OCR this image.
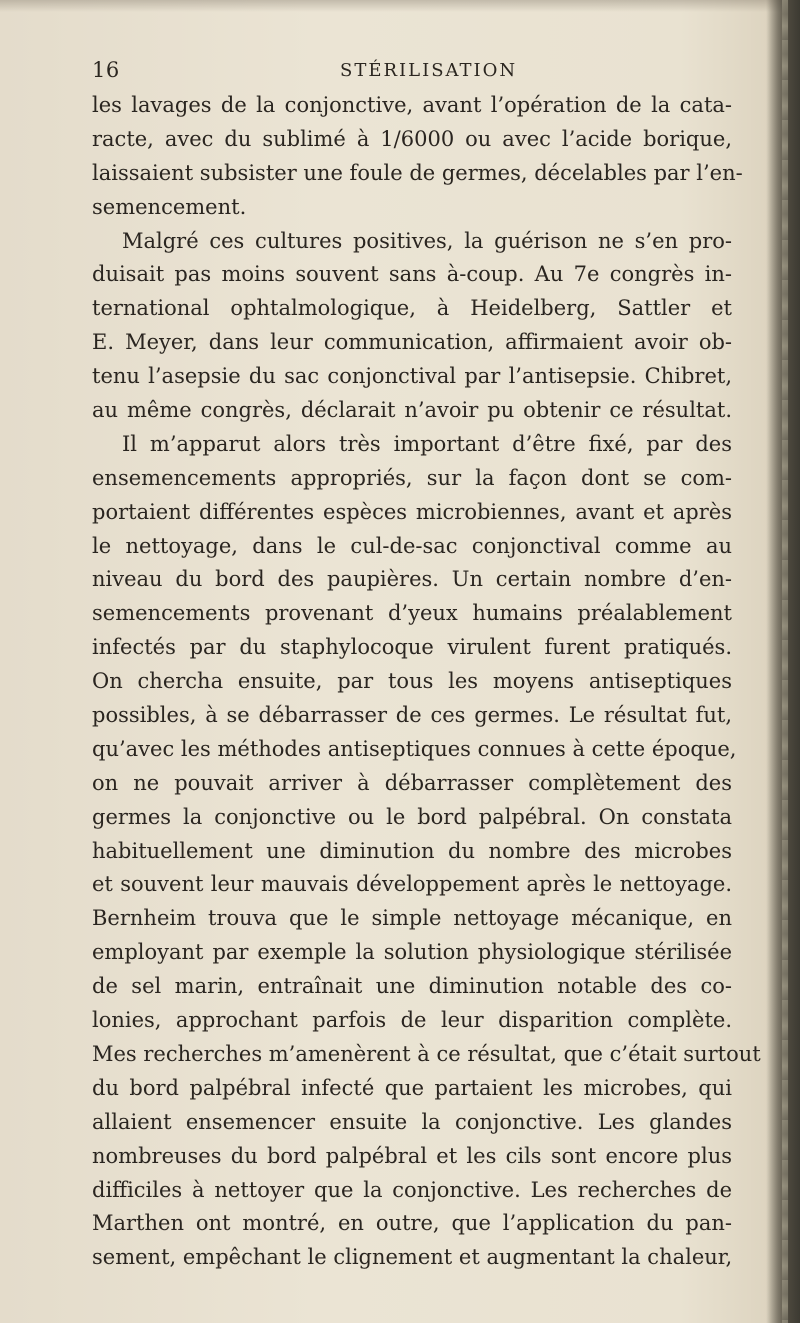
16	STÉRILISATION
les lavages de la conjonctive, avant l’opération de la cata-
racte, avec du sublimé à 1/6000 ou avec l’acide borique,
laissaient subsister une foule de germes, décelables par l’en-
semencement.
Malgré ces cultures positives, la guérison ne s’en pro-
duisait pas moins souvent sans à-coup. Au 7e congrès in-
ternational ophtalmologique, à Heidelberg, Sattler et
E. Meyer, dans leur communication, affirmaient avoir ob-
tenu l’asepsie du sac conjonctival par l’antisepsie. Chibret,
au même congrès, déclarait n’avoir pu obtenir ce résultat.
Il m’apparut alors très important d’être fixé, par des
ensemencements appropriés, sur la façon dont se com-
portaient différentes espèces microbiennes, avant et après
le nettoyage, dans le cul-de-sac conjonctival comme au
niveau du bord des paupières. Un certain nombre d’en-
semencements provenant d’yeux humains préalablement
infectés par du staphylocoque virulent furent pratiqués.
On chercha ensuite, par tous les moyens antiseptiques
possibles, à se débarrasser de ces germes. Le résultat fut,
qu’avec les méthodes antiseptiques connues à cette époque,
on ne pouvait arriver à débarrasser complètement des
germes la conjonctive ou le bord palpébral. On constata
habituellement une diminution du nombre des microbes
et souvent leur mauvais développement après le nettoyage.
Bernheim trouva que le simple nettoyage mécanique, en
employant par exemple la solution physiologique stérilisée
de sel marin, entraînait une diminution notable des co-
lonies, approchant parfois de leur disparition complète.
Mes recherches m’amenèrent à ce résultat, que c’était surtout
du bord palpébral infecté que partaient les microbes, qui
allaient ensemencer ensuite la conjonctive. Les glandes
nombreuses du bord palpébral et les cils sont encore plus
difficiles à nettoyer que la conjonctive. Les recherches de
Marthen ont montré, en outre, que l’application du pan-
sement, empêchant le clignement et augmentant la chaleur,
